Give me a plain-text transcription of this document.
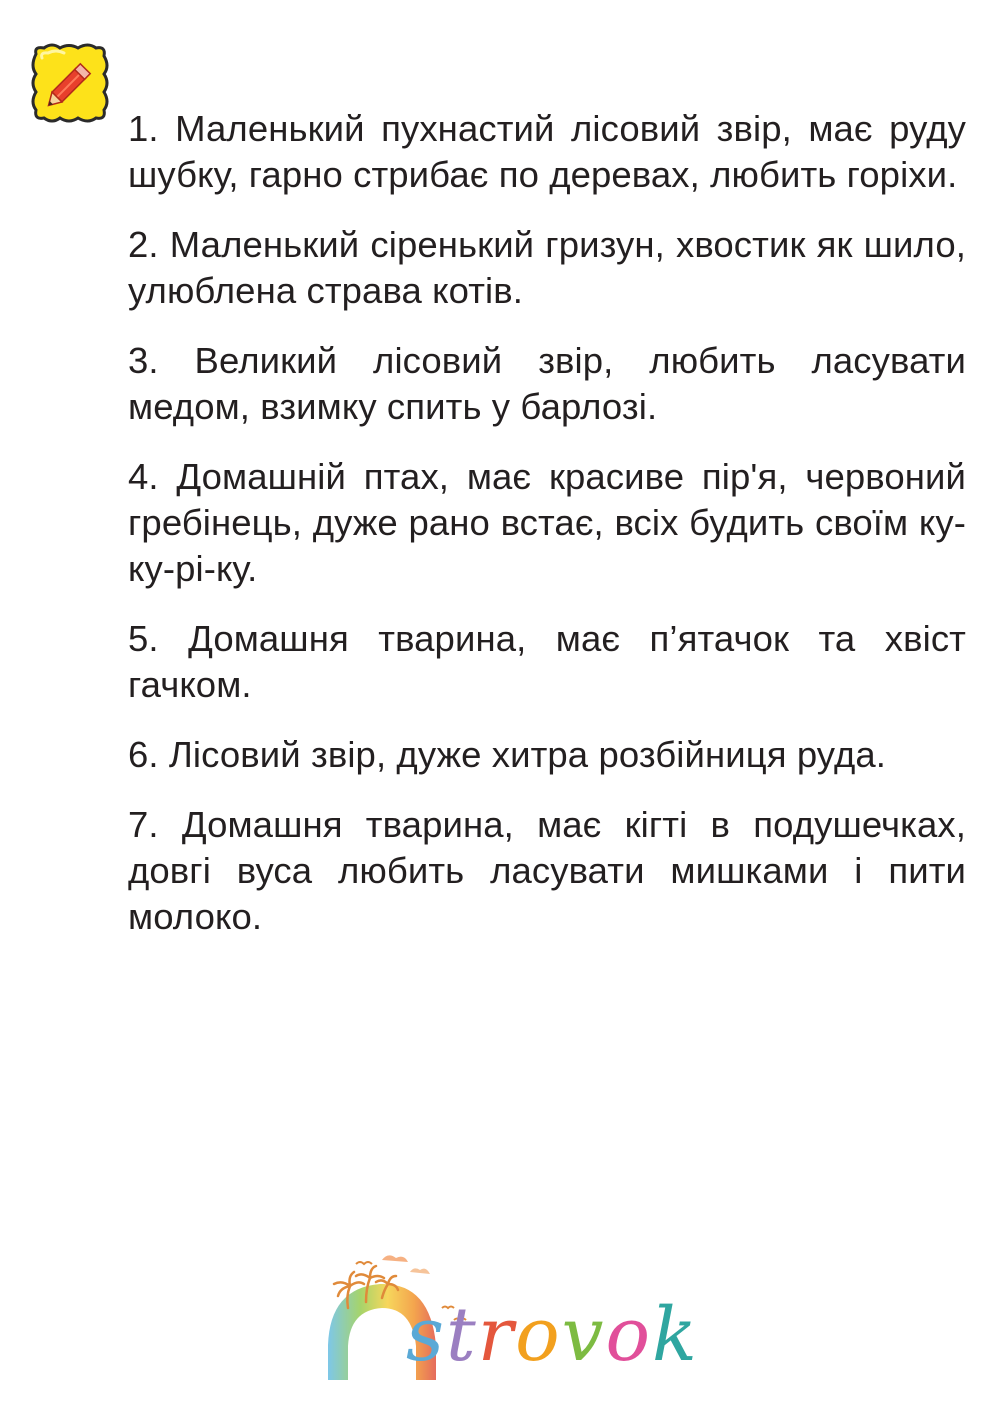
1. Маленький пухнастий лісовий звір, має руду шубку, гарно стрибає по деревах, любить горіхи.
2. Маленький сіренький гризун, хвостик як шило, улюблена страва котів.
3. Великий лісовий звір, любить ласувати медом, взимку спить у барлозі.
4. Домашній птах, має красиве пір'я, червоний гребінець, дуже рано встає, всіх будить своїм ку-ку-рі-ку.
5. Домашня тварина, має п’ятачок та хвіст гачком.
6. Лісовий звір, дуже хитра розбійниця руда.
7. Домашня тварина, має кігті в подушечках, довгі вуса любить ласувати мишками і пити молоко.
strovok
